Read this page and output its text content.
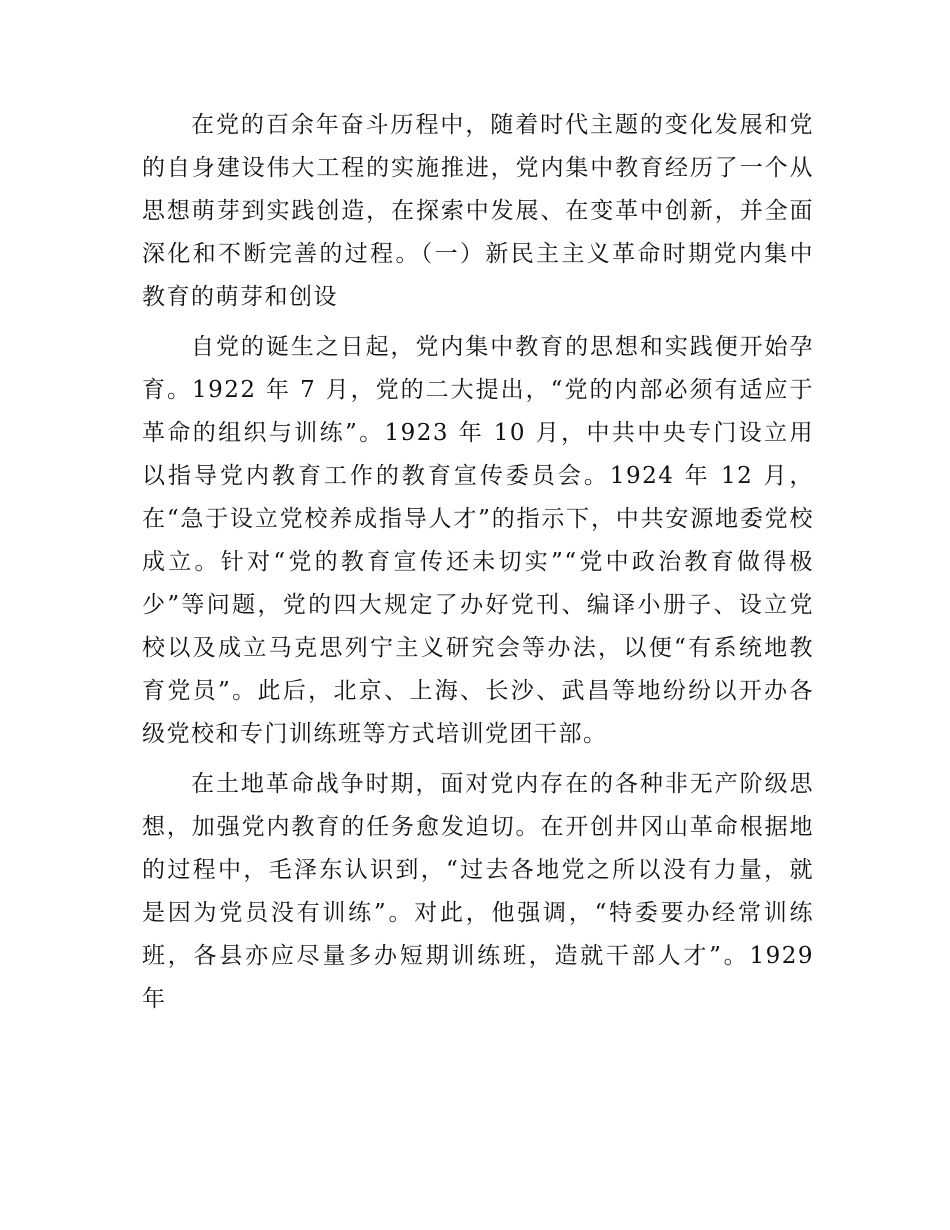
在党的百余年奋斗历程中，随着时代主题的变化发展和党的自身建设伟大工程的实施推进，党内集中教育经历了一个从思想萌芽到实践创造，在探索中发展、在变革中创新，并全面深化和不断完善的过程。（一）新民主主义革命时期党内集中教育的萌芽和创设

自党的诞生之日起，党内集中教育的思想和实践便开始孕育。1922 年 7 月，党的二大提出，“党的内部必须有适应于革命的组织与训练”。1923 年 10 月，中共中央专门设立用以指导党内教育工作的教育宣传委员会。1924 年 12 月，在“急于设立党校养成指导人才”的指示下，中共安源地委党校成立。针对“党的教育宣传还未切实”“党中政治教育做得极少”等问题，党的四大规定了办好党刊、编译小册子、设立党校以及成立马克思列宁主义研究会等办法，以便“有系统地教育党员”。此后，北京、上海、长沙、武昌等地纷纷以开办各级党校和专门训练班等方式培训党团干部。

在土地革命战争时期，面对党内存在的各种非无产阶级思想，加强党内教育的任务愈发迫切。在开创井冈山革命根据地的过程中，毛泽东认识到，“过去各地党之所以没有力量，就是因为党员没有训练”。对此，他强调，“特委要办经常训练班，各县亦应尽量多办短期训练班，造就干部人才”。1929 年
